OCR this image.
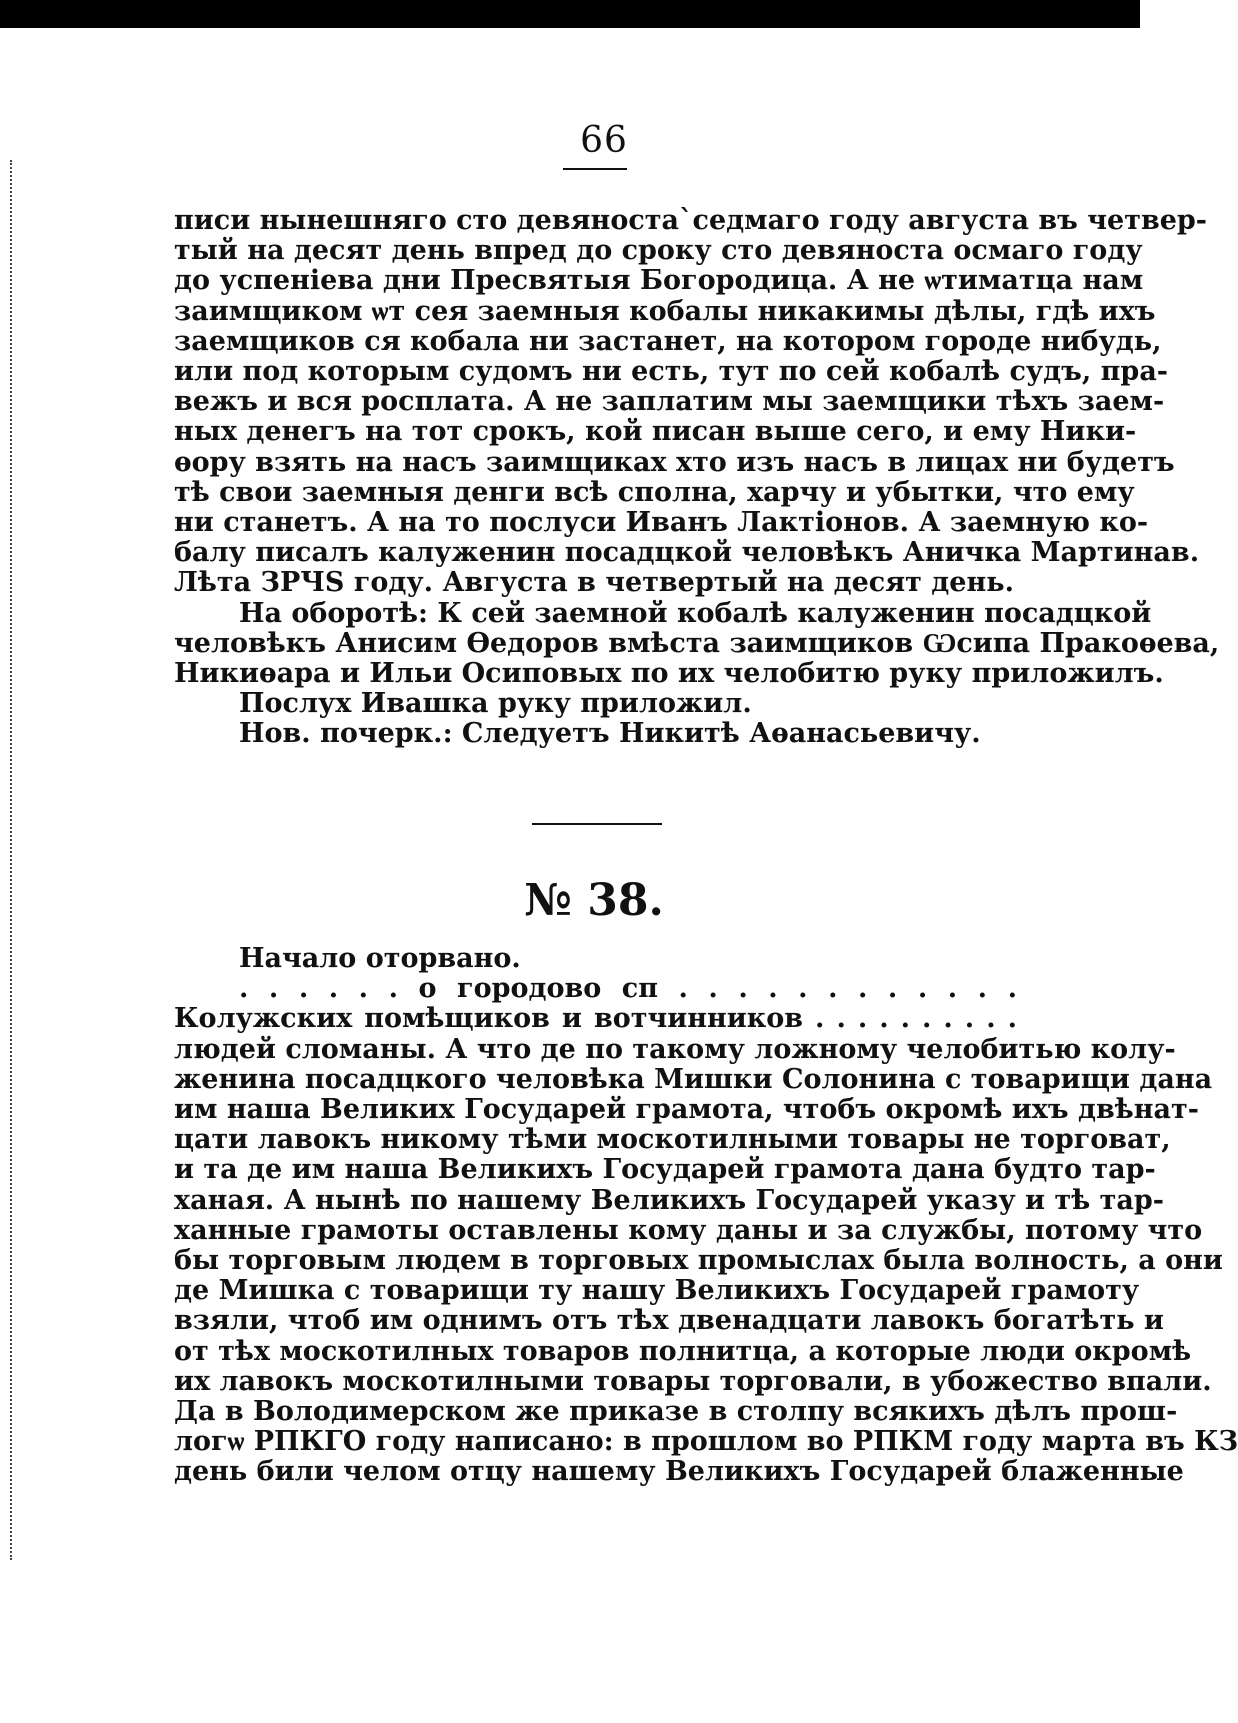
66
писи нынешняго сто девяноста`седмаго году августа въ четвер-
тый на десят день впред до сроку сто девяноста осмаго году
до успенiева дни Пресвятыя Богородица. А не ѡтиматца нам
заимщиком ѡт сея заемныя кобалы никакимы дѣлы, гдѣ ихъ
заемщиков ся кобала ни застанет, на котором городе нибудь,
или под которым судомъ ни есть, тут по сей кобалѣ судъ, пра-
вежъ и вся росплата. А не заплатим мы заемщики тѣхъ заем-
ных денегъ на тот срокъ, кой писан выше сего, и ему Ники-
ѳору взять на насъ заимщиках хто изъ насъ в лицах ни будетъ
тѣ свои заемныя денги всѣ сполна, харчу и убытки, что ему
ни станетъ. А на то послуси Иванъ Лактiонов. А заемную ко-
балу писалъ калуженин посадцкой человѣкъ Аничка Мартинав.
Лѣта ЗРЧS году. Августа в четвертый на десят день.
На оборотѣ: К сей заемной кобалѣ калуженин посадцкой
человѣкъ Анисим Ѳедоров вмѣста заимщиков Ѡсипа Пракоѳева,
Никиѳара и Ильи Осиповых по их челобитю руку приложилъ.
Послух Ивашка руку приложил.
Нов. почерк.: Следуетъ Никитѣ Аѳанасьевичу.
№ 38.
Начало оторвано.
. . . . . . о городово сп . . . . . . . . . . . .
Колужских помѣщиков и вотчинников . . . . . . . . . .
людей сломаны. А что де по такому ложному челобитью колу-
женина посадцкого человѣка Мишки Солонина с товарищи дана
им наша Великих Государей грамота, чтобъ окромѣ ихъ двѣнат-
цати лавокъ никому тѣми москотилными товары не торговат,
и та де им наша Великихъ Государей грамота дана будто тар-
ханая. А нынѣ по нашему Великихъ Государей указу и тѣ тар-
ханные грамоты оставлены кому даны и за службы, потому что
бы торговым людем в торговых промыслах была волность, а они
де Мишка с товарищи ту нашу Великихъ Государей грамоту
взяли, чтоб им однимъ отъ тѣх двенадцати лавокъ богатѣть и
от тѣх москотилных товаров полнитца, а которые люди окромѣ
их лавокъ москотилными товары торговали, в убожество впали.
Да в Володимерском же приказе в столпу всякихъ дѣлъ прош-
логѡ РПКГО году написано: в прошлом во РПКМ году марта въ КЗ
день били челом отцу нашему Великихъ Государей блаженные
